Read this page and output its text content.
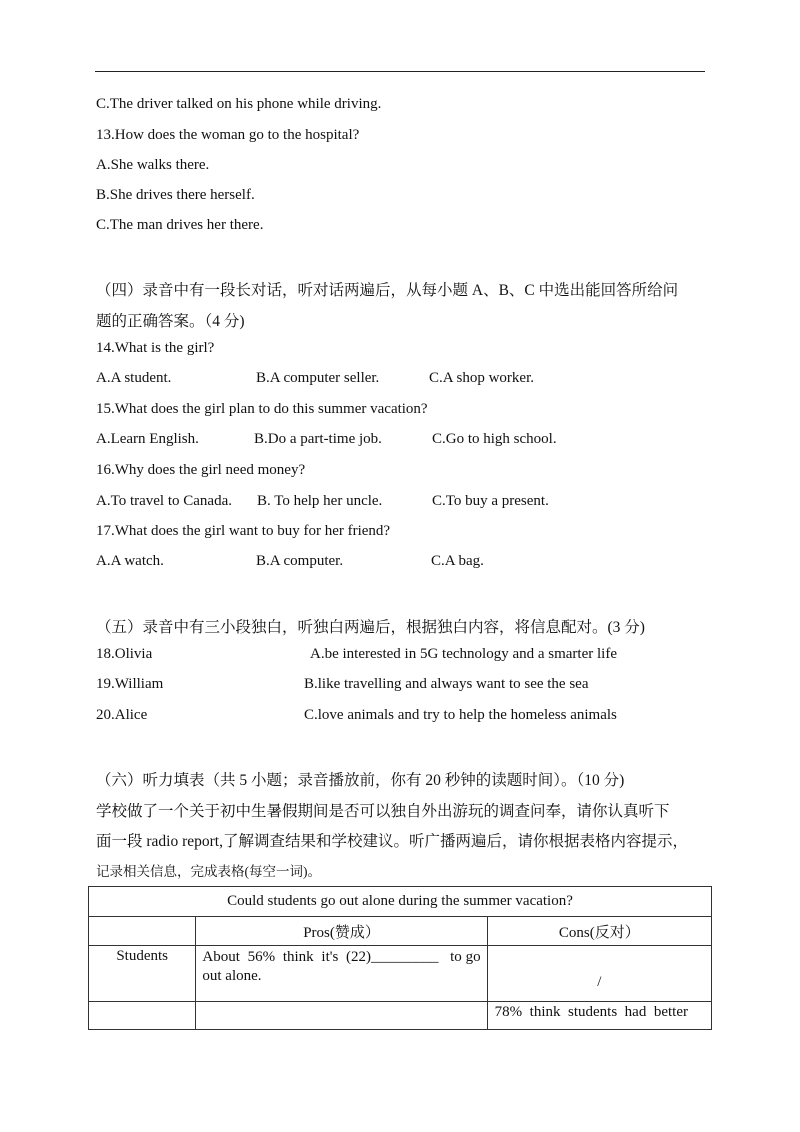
C.The driver talked on his phone while driving.
13.How does the woman go to the hospital?
A.She walks there.
B.She drives there herself.
C.The man drives her there.
（四）录音中有一段长对话，听对话两遍后，从每小题 A、B、C 中选出能回答所给问
题的正确答案。（4 分)
14.What is the girl?
A.A student.	B.A computer seller.	C.A shop worker.
15.What does the girl plan to do this summer vacation?
A.Learn English.	B.Do a part-time job.	C.Go to high school.
16.Why does the girl need money?
A.To travel to Canada. B. To help her uncle.	C.To buy a present.
17.What does the girl want to buy for her friend?
A.A watch.	B.A computer.	C.A bag.
（五）录音中有三小段独白，听独白两遍后，根据独白内容，将信息配对。(3 分)
18.Olivia	A.be interested in 5G technology and a smarter life
19.William	B.like travelling and always want to see the sea
20.Alice	C.love animals and try to help the homeless animals
（六）听力填表（共 5 小题；录音播放前，你有 20 秒钟的读题时间）。（10 分)
学校做了一个关于初中生暑假期间是否可以独自外出游玩的调查问奉，请你认真听下
面一段 radio report,了解调查结果和学校建议。听广播两遍后，请你根据表格内容提示，
记录相关信息，完成表格(每空一词)。
Could students go out alone during the summer vacation?		
	Pros(赞成）	Cons(反对）
Students	About  56%  think  it's  (22)_________   to go out alone.	/
		78%  think  students  had  better
